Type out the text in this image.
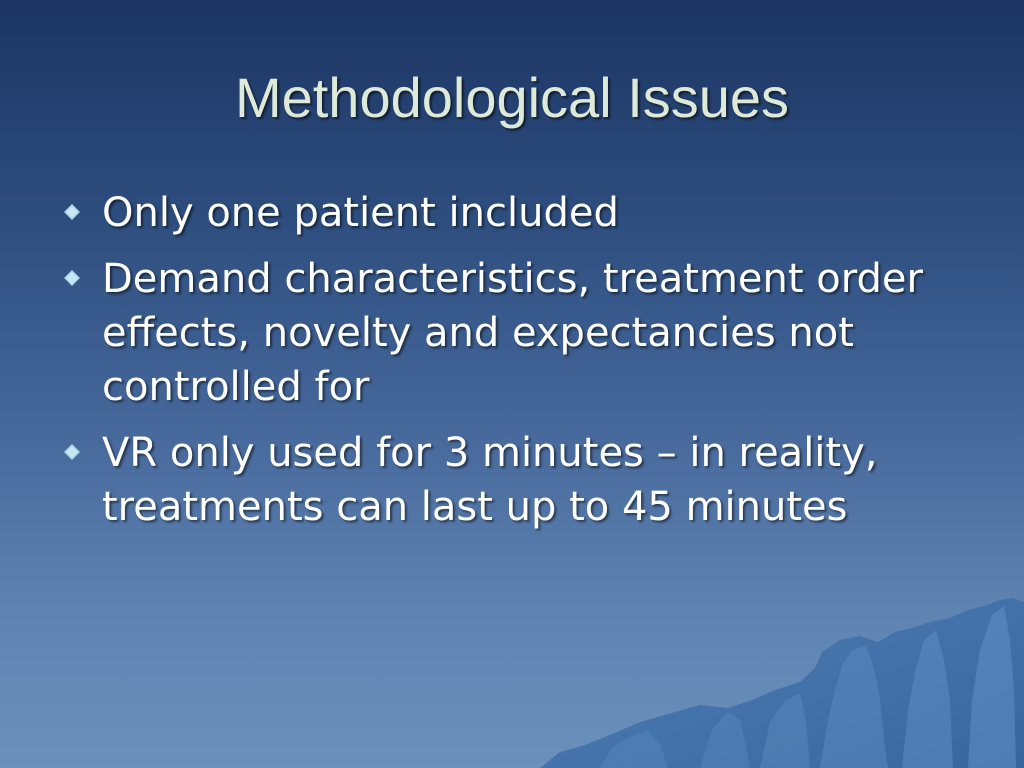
Methodological Issues
Only one patient included
Demand characteristics, treatment order effects, novelty and expectancies not controlled for
VR only used for 3 minutes – in reality, treatments can last up to 45 minutes
